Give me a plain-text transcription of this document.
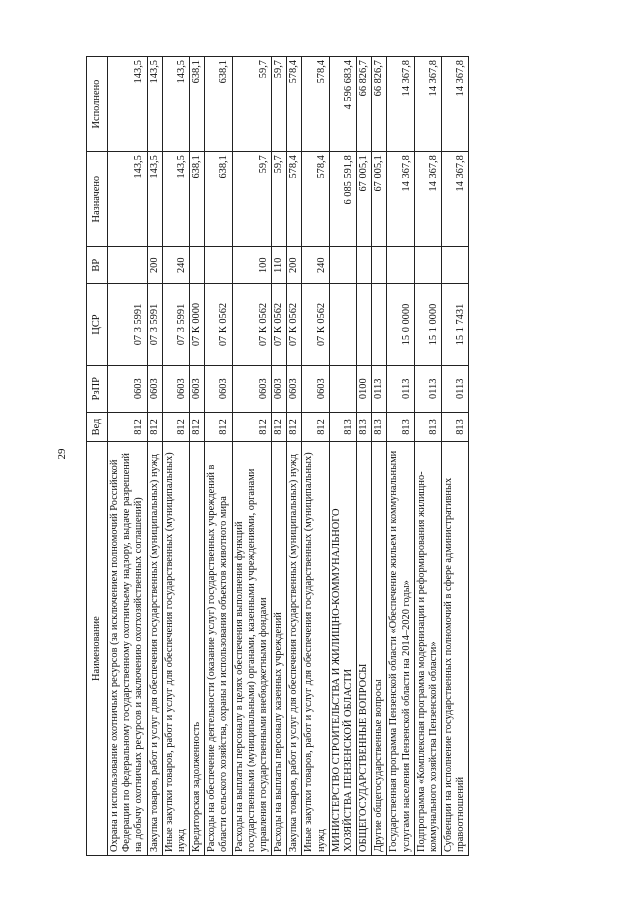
29
Наименование	Вед	РзПР	ЦСР	ВР	Назначено	Исполнено
Охрана и использование охотничьих ресурсов (за исключением полномочий Российской Федерации по федеральному государственному охотничьему надзору, выдаче разрешений на добычу охотничьих ресурсов и заключению охотхозяйственных соглашений)	812	0603	07 3 5991		143,5	143,5
Закупка товаров, работ и услуг для обеспечения государственных (муниципальных) нужд	812	0603	07 3 5991	200	143,5	143,5
Иные закупки товаров, работ и услуг для обеспечения государственных (муниципальных) нужд	812	0603	07 3 5991	240	143,5	143,5
Кредиторская задолженность	812	0603	07 К 0000		638,1	638,1
Расходы на обеспечение деятельности (оказание услуг) государственных учреждений в области сельского хозяйства, охраны и использования объектов животного мира	812	0603	07 К 0562		638,1	638,1
Расходы на выплаты персоналу в целях обеспечения выполнения функций государственными (муниципальными) органами, казенными учреждениями, органами управления государственными внебюджетными фондами	812	0603	07 К 0562	100	59,7	59,7
Расходы на выплаты персоналу казенных учреждений	812	0603	07 К 0562	110	59,7	59,7
Закупка товаров, работ и услуг для обеспечения государственных (муниципальных) нужд	812	0603	07 К 0562	200	578,4	578,4
Иные закупки товаров, работ и услуг для обеспечения государственных (муниципальных) нужд	812	0603	07 К 0562	240	578,4	578,4
МИНИСТЕРСТВО СТРОИТЕЛЬСТВА И ЖИЛИЩНО-КОММУНАЛЬНОГО ХОЗЯЙСТВА ПЕНЗЕНСКОЙ ОБЛАСТИ	813				6 085 591,8	4 596 683,4
ОБЩЕГОСУДАРСТВЕННЫЕ ВОПРОСЫ	813	0100			67 005,1	66 826,7
Другие общегосударственные вопросы	813	0113			67 005,1	66 826,7
Государственная программа Пензенской области «Обеспечение жильем и коммунальными услугами населения Пензенской области на 2014–2020 годы»	813	0113	15 0 0000		14 367,8	14 367,8
Подпрограмма «Комплексная программа модернизации и реформирования жилищно-коммунального хозяйства Пензенской области»	813	0113	15 1 0000		14 367,8	14 367,8
Субвенции на исполнение государственных полномочий в сфере административных правоотношений	813	0113	15 1 7431		14 367,8	14 367,8
